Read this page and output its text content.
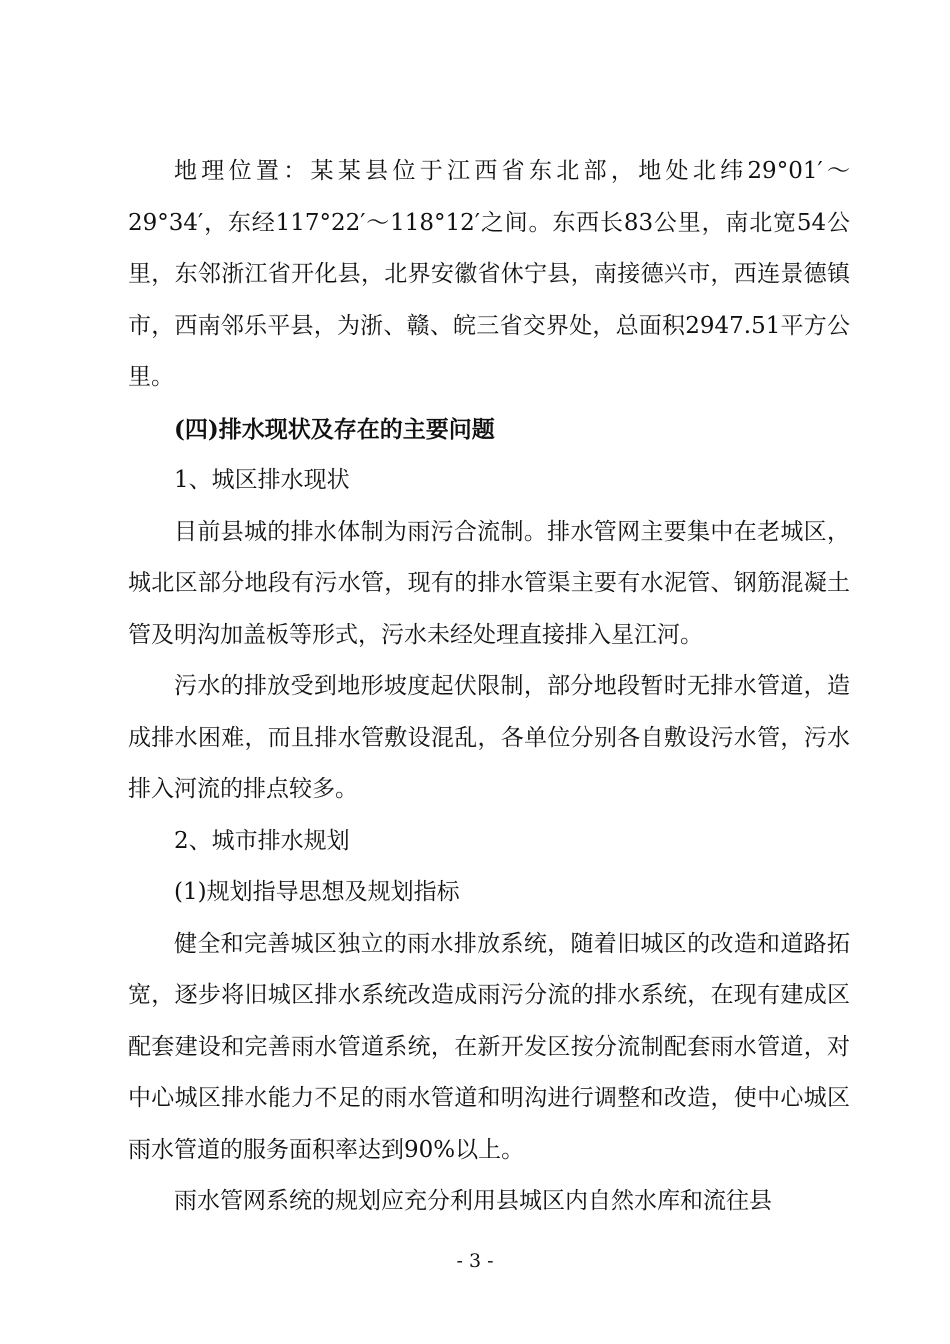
地理位置：某某县位于江西省东北部，地处北纬29°01′～29°34′，东经117°22′～118°12′之间。东西长83公里，南北宽54公里，东邻浙江省开化县，北界安徽省休宁县，南接德兴市，西连景德镇市，西南邻乐平县，为浙、赣、皖三省交界处，总面积2947.51平方公里。

(四)排水现状及存在的主要问题

1、城区排水现状

目前县城的排水体制为雨污合流制。排水管网主要集中在老城区，城北区部分地段有污水管，现有的排水管渠主要有水泥管、钢筋混凝土管及明沟加盖板等形式，污水未经处理直接排入星江河。

污水的排放受到地形坡度起伏限制，部分地段暂时无排水管道，造成排水困难，而且排水管敷设混乱，各单位分别各自敷设污水管，污水排入河流的排点较多。

2、城市排水规划

(1)规划指导思想及规划指标

健全和完善城区独立的雨水排放系统，随着旧城区的改造和道路拓宽，逐步将旧城区排水系统改造成雨污分流的排水系统，在现有建成区配套建设和完善雨水管道系统，在新开发区按分流制配套雨水管道，对中心城区排水能力不足的雨水管道和明沟进行调整和改造，使中心城区雨水管道的服务面积率达到90%以上。

雨水管网系统的规划应充分利用县城区内自然水库和流往县

- 3 -
